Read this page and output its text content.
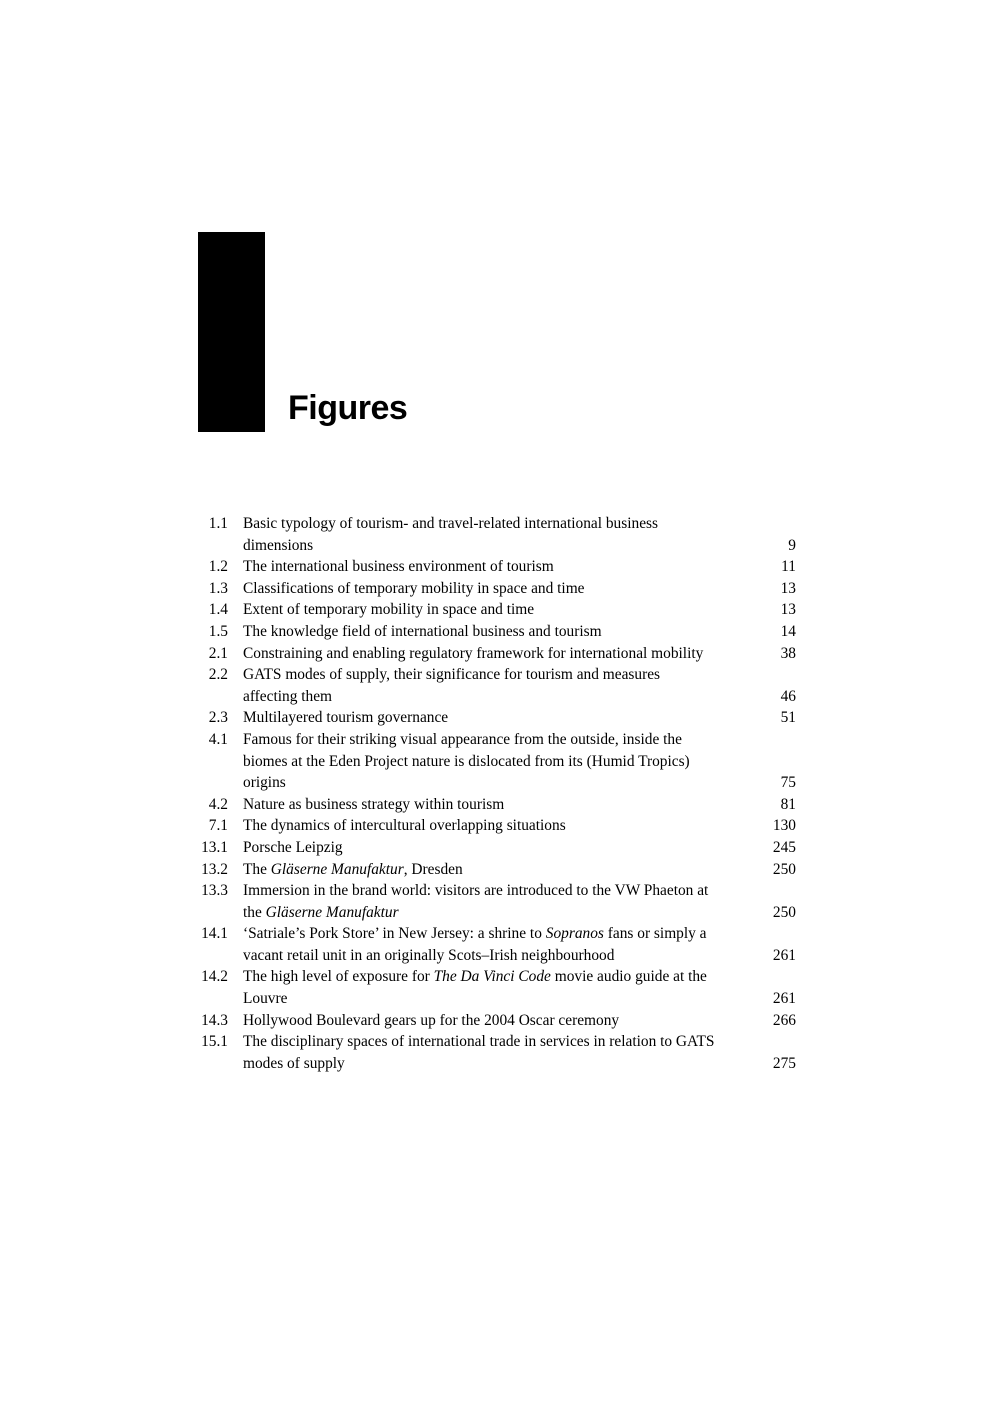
Figures
1.1 Basic typology of tourism- and travel-related international business dimensions	9
1.2 The international business environment of tourism	11
1.3 Classifications of temporary mobility in space and time	13
1.4 Extent of temporary mobility in space and time	13
1.5 The knowledge field of international business and tourism	14
2.1 Constraining and enabling regulatory framework for international mobility	38
2.2 GATS modes of supply, their significance for tourism and measures affecting them	46
2.3 Multilayered tourism governance	51
4.1 Famous for their striking visual appearance from the outside, inside the biomes at the Eden Project nature is dislocated from its (Humid Tropics) origins	75
4.2 Nature as business strategy within tourism	81
7.1 The dynamics of intercultural overlapping situations	130
13.1 Porsche Leipzig	245
13.2 The Gläserne Manufaktur, Dresden	250
13.3 Immersion in the brand world: visitors are introduced to the VW Phaeton at the Gläserne Manufaktur	250
14.1 ‘Satriale’s Pork Store’ in New Jersey: a shrine to Sopranos fans or simply a vacant retail unit in an originally Scots–Irish neighbourhood	261
14.2 The high level of exposure for The Da Vinci Code movie audio guide at the Louvre	261
14.3 Hollywood Boulevard gears up for the 2004 Oscar ceremony	266
15.1 The disciplinary spaces of international trade in services in relation to GATS modes of supply	275
